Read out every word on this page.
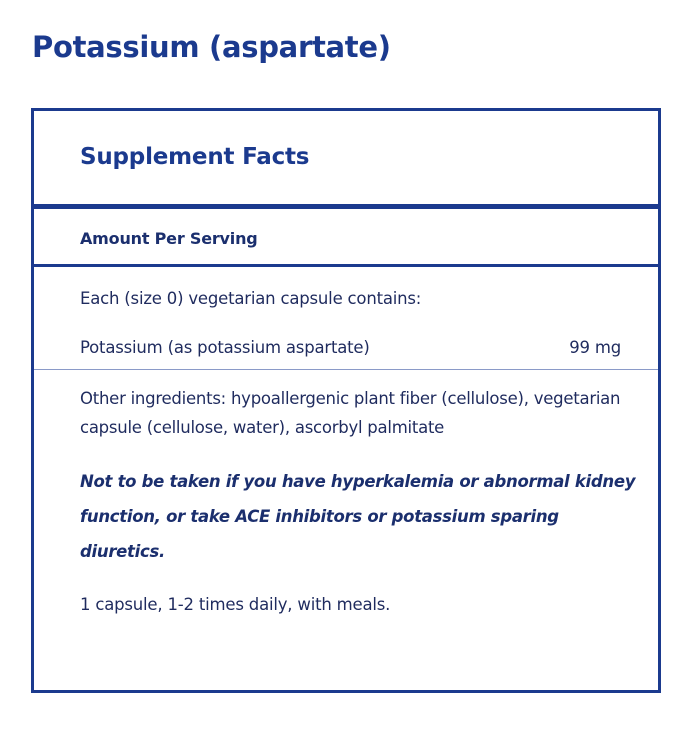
Potassium (aspartate)
Supplement Facts
Amount Per Serving

Each (size 0) vegetarian capsule contains:

Potassium (as potassium aspartate)	99 mg

Other ingredients: hypoallergenic plant fiber (cellulose), vegetarian capsule (cellulose, water), ascorbyl palmitate

Not to be taken if you have hyperkalemia or abnormal kidney function, or take ACE inhibitors or potassium sparing diuretics.

1 capsule, 1-2 times daily, with meals.
